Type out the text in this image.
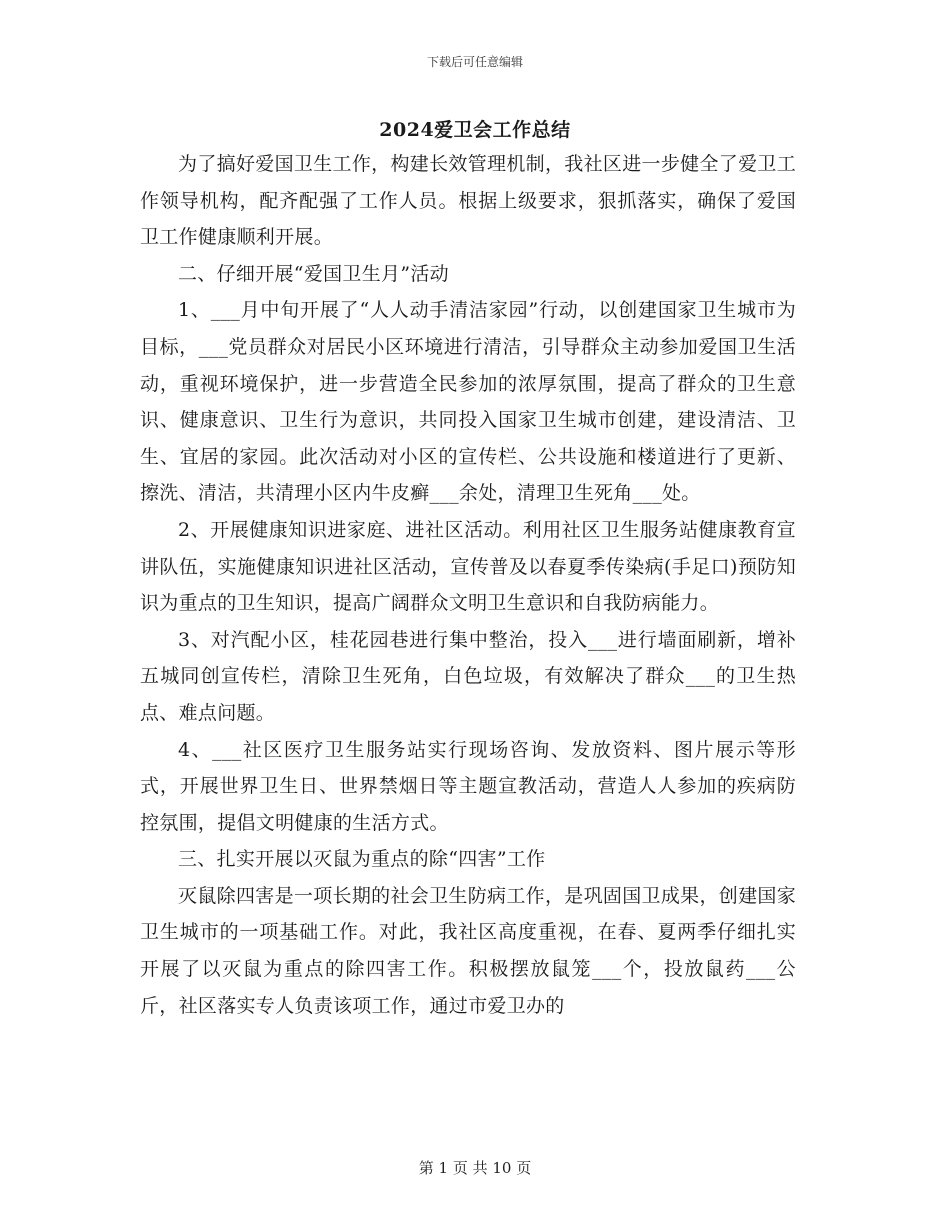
下载后可任意编辑
2024爱卫会工作总结

为了搞好爱国卫生工作，构建长效管理机制，我社区进一步健全了爱卫工作领导机构，配齐配强了工作人员。根据上级要求，狠抓落实，确保了爱国卫工作健康顺利开展。

二、仔细开展“爱国卫生月”活动

1、___月中旬开展了“人人动手清洁家园”行动，以创建国家卫生城市为目标，___党员群众对居民小区环境进行清洁，引导群众主动参加爱国卫生活动，重视环境保护，进一步营造全民参加的浓厚氛围，提高了群众的卫生意识、健康意识、卫生行为意识，共同投入国家卫生城市创建，建设清洁、卫生、宜居的家园。此次活动对小区的宣传栏、公共设施和楼道进行了更新、擦洗、清洁，共清理小区内牛皮癣___余处，清理卫生死角___处。

2、开展健康知识进家庭、进社区活动。利用社区卫生服务站健康教育宣讲队伍，实施健康知识进社区活动，宣传普及以春夏季传染病(手足口)预防知识为重点的卫生知识，提高广阔群众文明卫生意识和自我防病能力。

3、对汽配小区，桂花园巷进行集中整治，投入___进行墙面刷新，增补五城同创宣传栏，清除卫生死角，白色垃圾，有效解决了群众___的卫生热点、难点问题。

4、___社区医疗卫生服务站实行现场咨询、发放资料、图片展示等形式，开展世界卫生日、世界禁烟日等主题宣教活动，营造人人参加的疾病防控氛围，提倡文明健康的生活方式。

三、扎实开展以灭鼠为重点的除“四害”工作

灭鼠除四害是一项长期的社会卫生防病工作，是巩固国卫成果，创建国家卫生城市的一项基础工作。对此，我社区高度重视，在春、夏两季仔细扎实开展了以灭鼠为重点的除四害工作。积极摆放鼠笼___个，投放鼠药___公斤，社区落实专人负责该项工作，通过市爱卫办的

第 1 页 共 10 页
